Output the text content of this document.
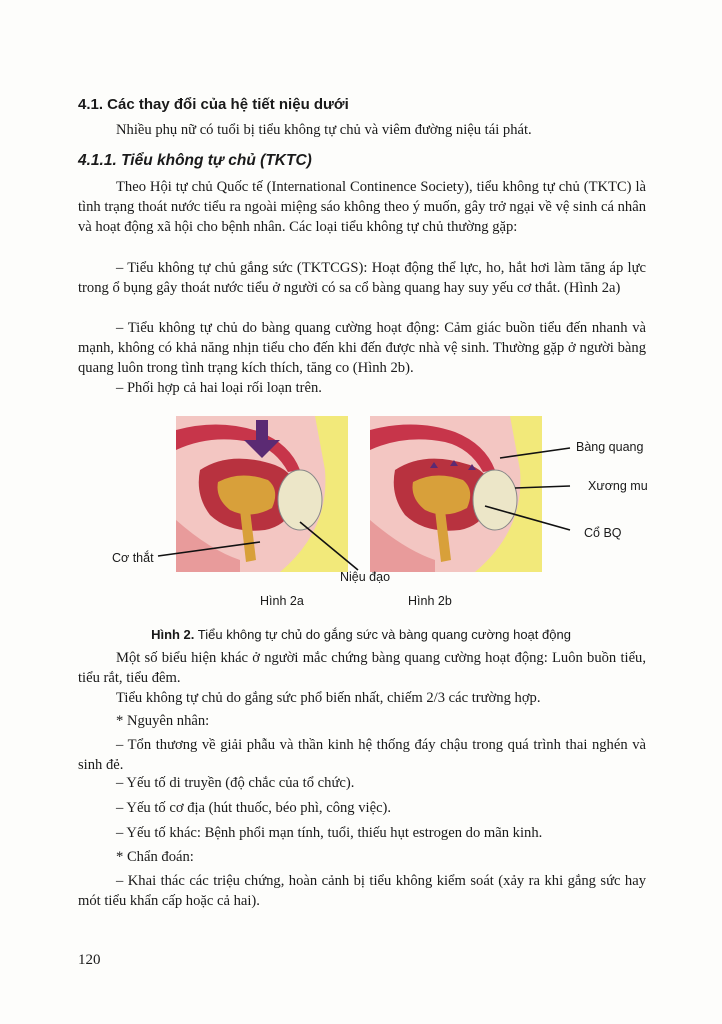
4.1. Các thay đổi của hệ tiết niệu dưới

Nhiều phụ nữ có tuổi bị tiểu không tự chủ và viêm đường niệu tái phát.

4.1.1. Tiểu không tự chủ (TKTC)

Theo Hội tự chủ Quốc tế (International Continence Society), tiểu không tự chủ (TKTC) là tình trạng thoát nước tiểu ra ngoài miệng sáo không theo ý muốn, gây trở ngại về vệ sinh cá nhân và hoạt động xã hội cho bệnh nhân. Các loại tiểu không tự chủ thường gặp:

– Tiểu không tự chủ gắng sức (TKTCGS): Hoạt động thể lực, ho, hắt hơi làm tăng áp lực trong ổ bụng gây thoát nước tiểu ở người có sa cổ bàng quang hay suy yếu cơ thắt. (Hình 2a)

– Tiểu không tự chủ do bàng quang cường hoạt động: Cảm giác buồn tiểu đến nhanh và mạnh, không có khả năng nhịn tiểu cho đến khi đến được nhà vệ sinh. Thường gặp ở người bàng quang luôn trong tình trạng kích thích, tăng co (Hình 2b).

– Phối hợp cả hai loại rối loạn trên.

Bàng quang
Xương mu
Cổ BQ
Cơ thắt
Niệu đạo
Hình 2a	Hình 2b
Hình 2. Tiểu không tự chủ do gắng sức và bàng quang cường hoạt động

Một số biểu hiện khác ở người mắc chứng bàng quang cường hoạt động: Luôn buồn tiểu, tiểu rắt, tiểu đêm.

Tiểu không tự chủ do gắng sức phổ biến nhất, chiếm 2/3 các trường hợp.

* Nguyên nhân:

– Tổn thương về giải phẫu và thần kinh hệ thống đáy chậu trong quá trình thai nghén và sinh đẻ.

– Yếu tố di truyền (độ chắc của tổ chức).

– Yếu tố cơ địa (hút thuốc, béo phì, công việc).

– Yếu tố khác: Bệnh phổi mạn tính, tuổi, thiếu hụt estrogen do mãn kinh.

* Chẩn đoán:

– Khai thác các triệu chứng, hoàn cảnh bị tiểu không kiểm soát (xảy ra khi gắng sức hay mót tiểu khẩn cấp hoặc cả hai).

120
